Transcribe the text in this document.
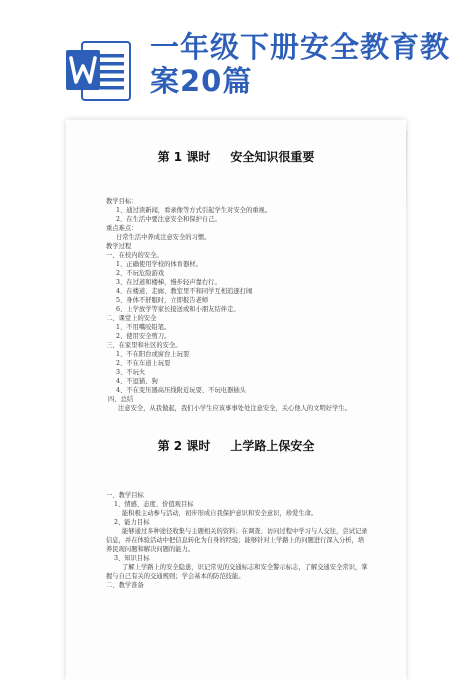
一年级下册安全教育教案20篇
第 1 课时 安全知识很重要
教学目标：
1、通过读新闻，看录像等方式引起学生对安全的重视。
2、在生活中要注意安全和保护自己。
重点难点：
日常生活中养成注意安全的习惯。
教学过程
一、在校内的安全。
1、正确使用学校的体育器材。
2、不玩危险游戏
3、在过道和楼梯，慢步轻声靠右行。
4、在楼道、走廊、教室里不和同学互相追逐打闹
5、身体不舒服时，立即报告老师
6、上学放学等家长接送或和小朋友结伴走。
二、课堂上的安全
1、不用嘴咬铅笔。
2、使用安全剪刀。
三、在家里和社区的安全。
1、不在阳台或窗台上玩耍
2、不在车道上玩耍
3、不玩火
4、不逗猫、狗
4、不在变压器高压线附近玩耍、不玩电器插头
四、总结
注意安全，从我做起，我们小学生应该事事处处注意安全，关心他人的文明好学生。
第 2 课时 上学路上保安全
一、教学目标
1、情感、态度、价值观目标
能积极主动参与活动，初步形成自我保护意识和安全意识，珍爱生命。
2、能力目标
能够通过多种途径收集与主题相关的资料；在调查、访问过程中学习与人交往，尝试记录
信息，并在体验活动中把信息转化为自身的经验；能够针对上学路上的问题进行深入分析，培
养民现问题和解决问题的能力。
3、知识目标
了解上学路上的安全隐患，识记常见的交通标志和安全警示标志，了解交通安全常识，掌
握与自己有关的交通规则；学会基本的防范技能。
二、教学准备
